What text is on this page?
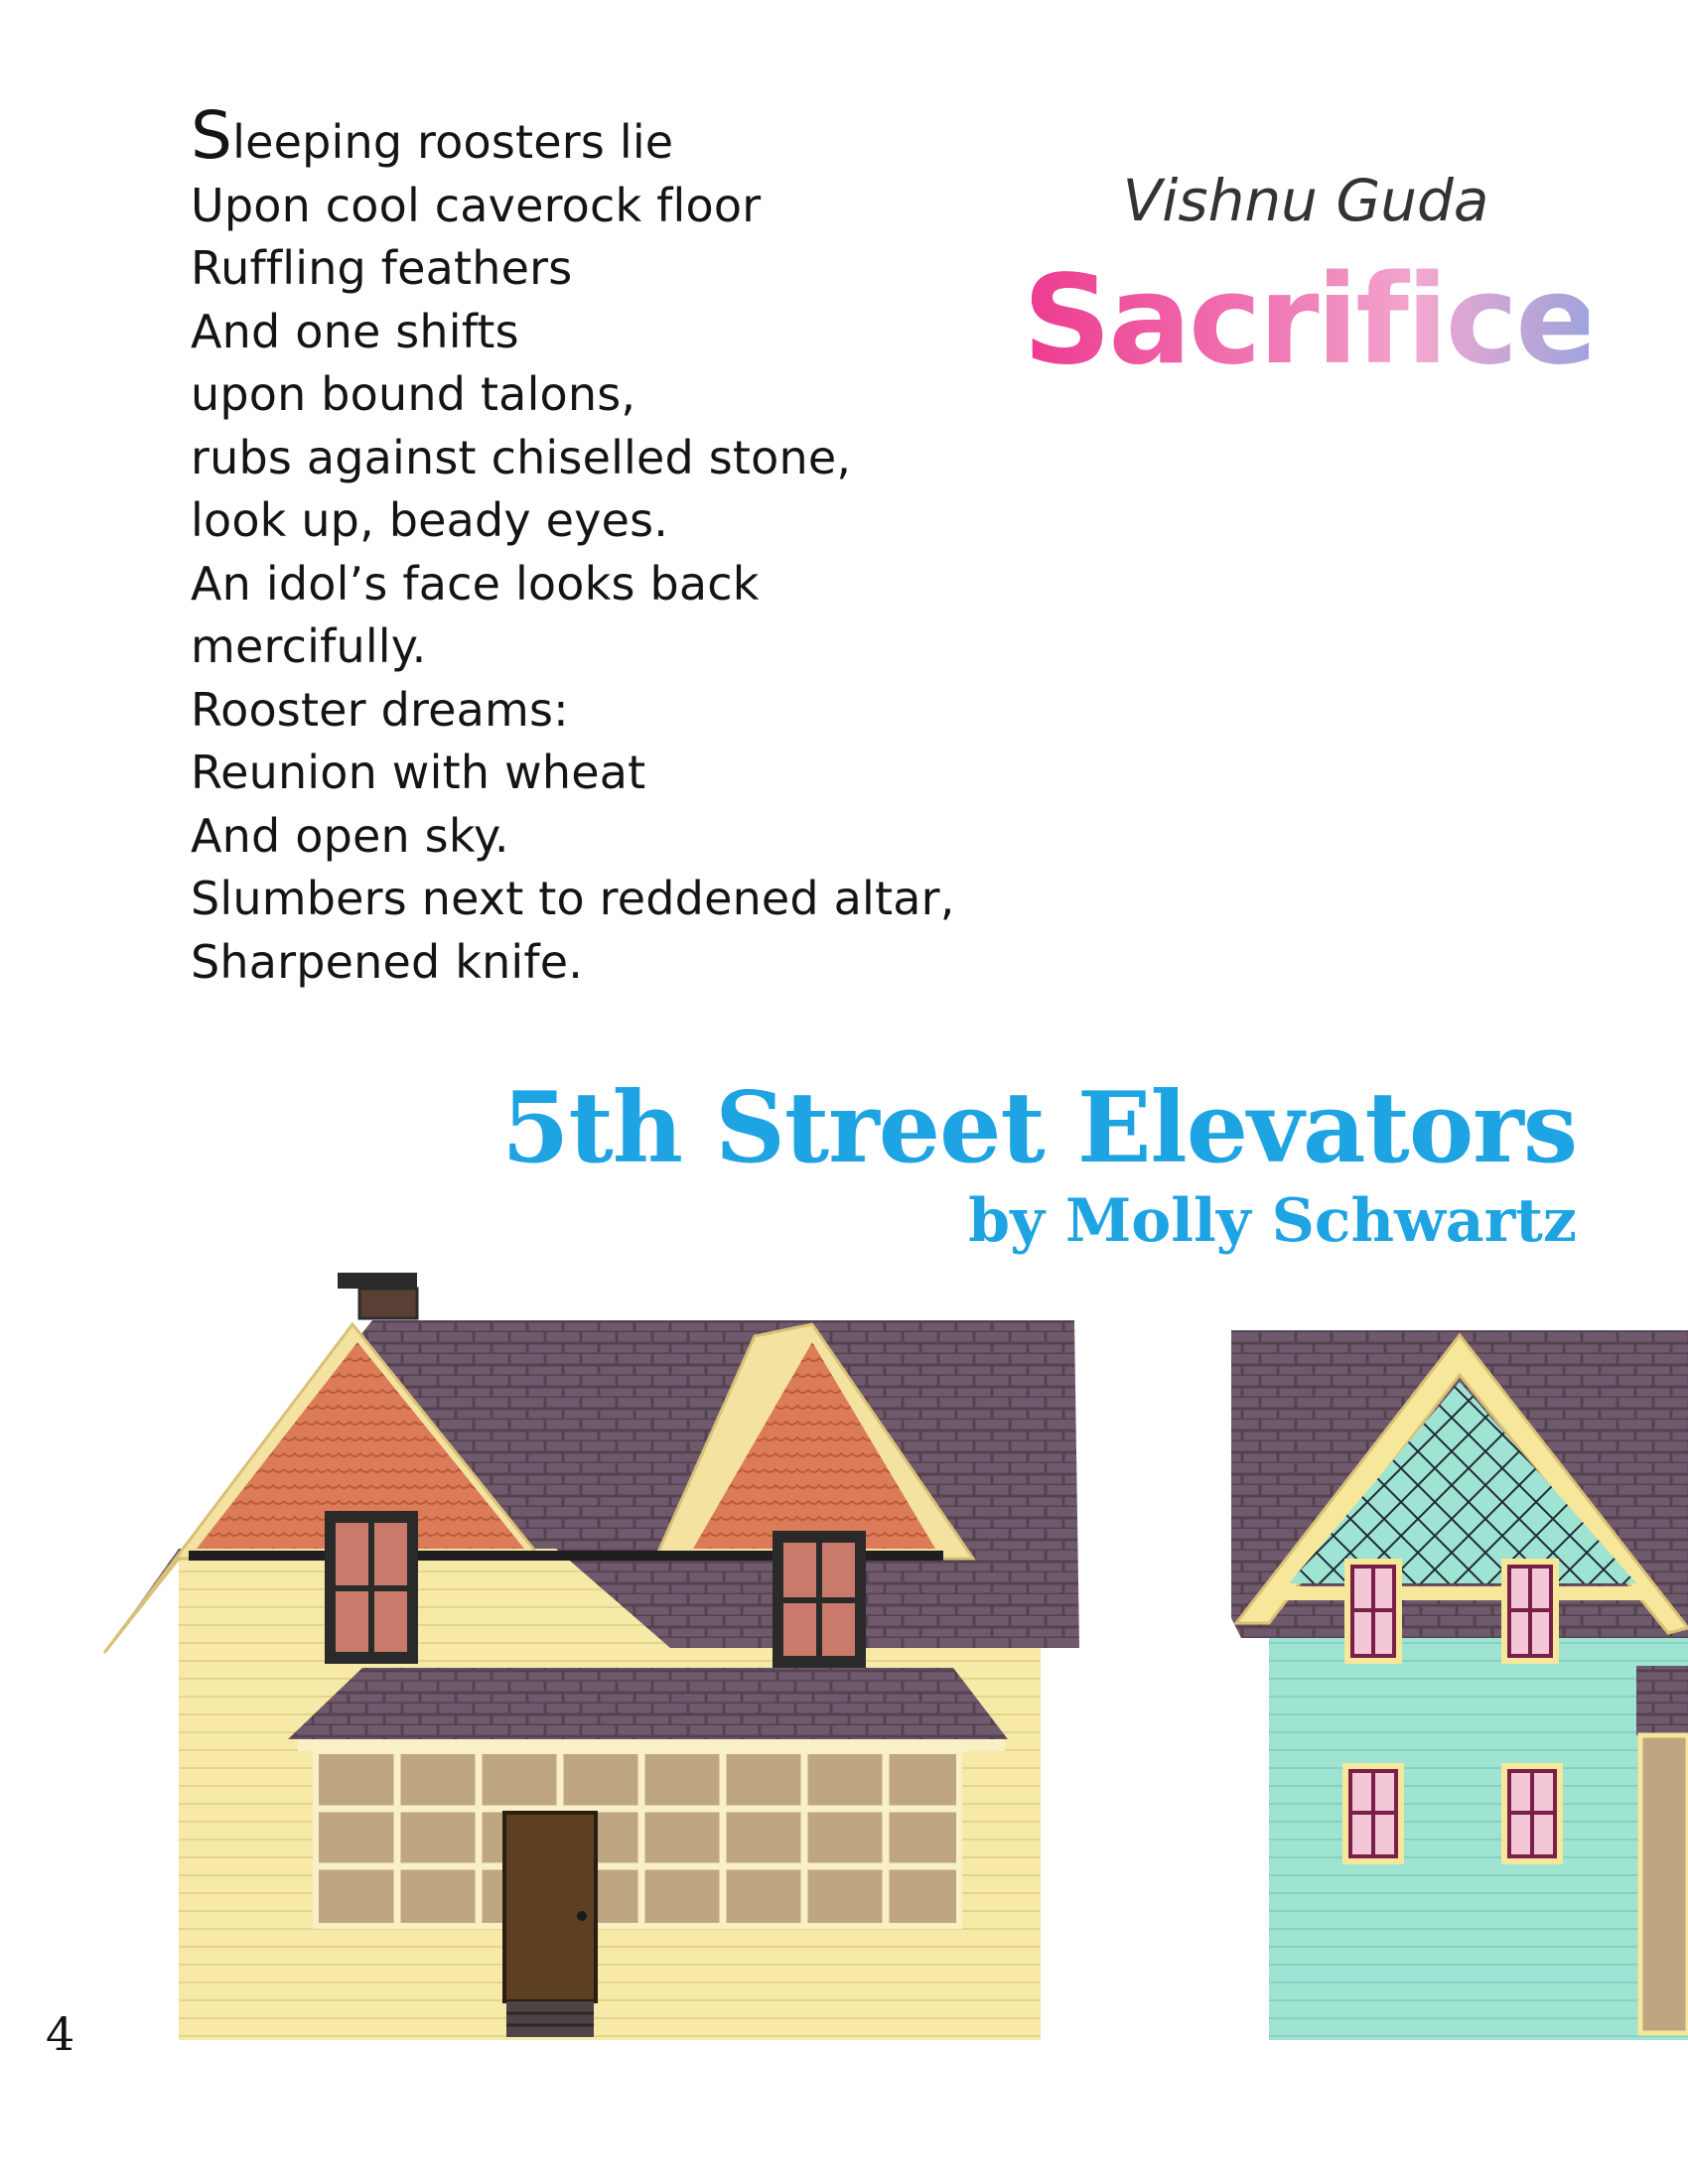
Sleeping roosters lie
Upon cool caverock floor
Ruffling feathers
And one shifts
upon bound talons,
rubs against chiselled stone,
look up, beady eyes.
An idol’s face looks back
mercifully.
Rooster dreams:
Reunion with wheat
And open sky.
Slumbers next to reddened altar,
Sharpened knife.
Vishnu Guda
Sacrifice
5th Street Elevators
by Molly Schwartz
4
